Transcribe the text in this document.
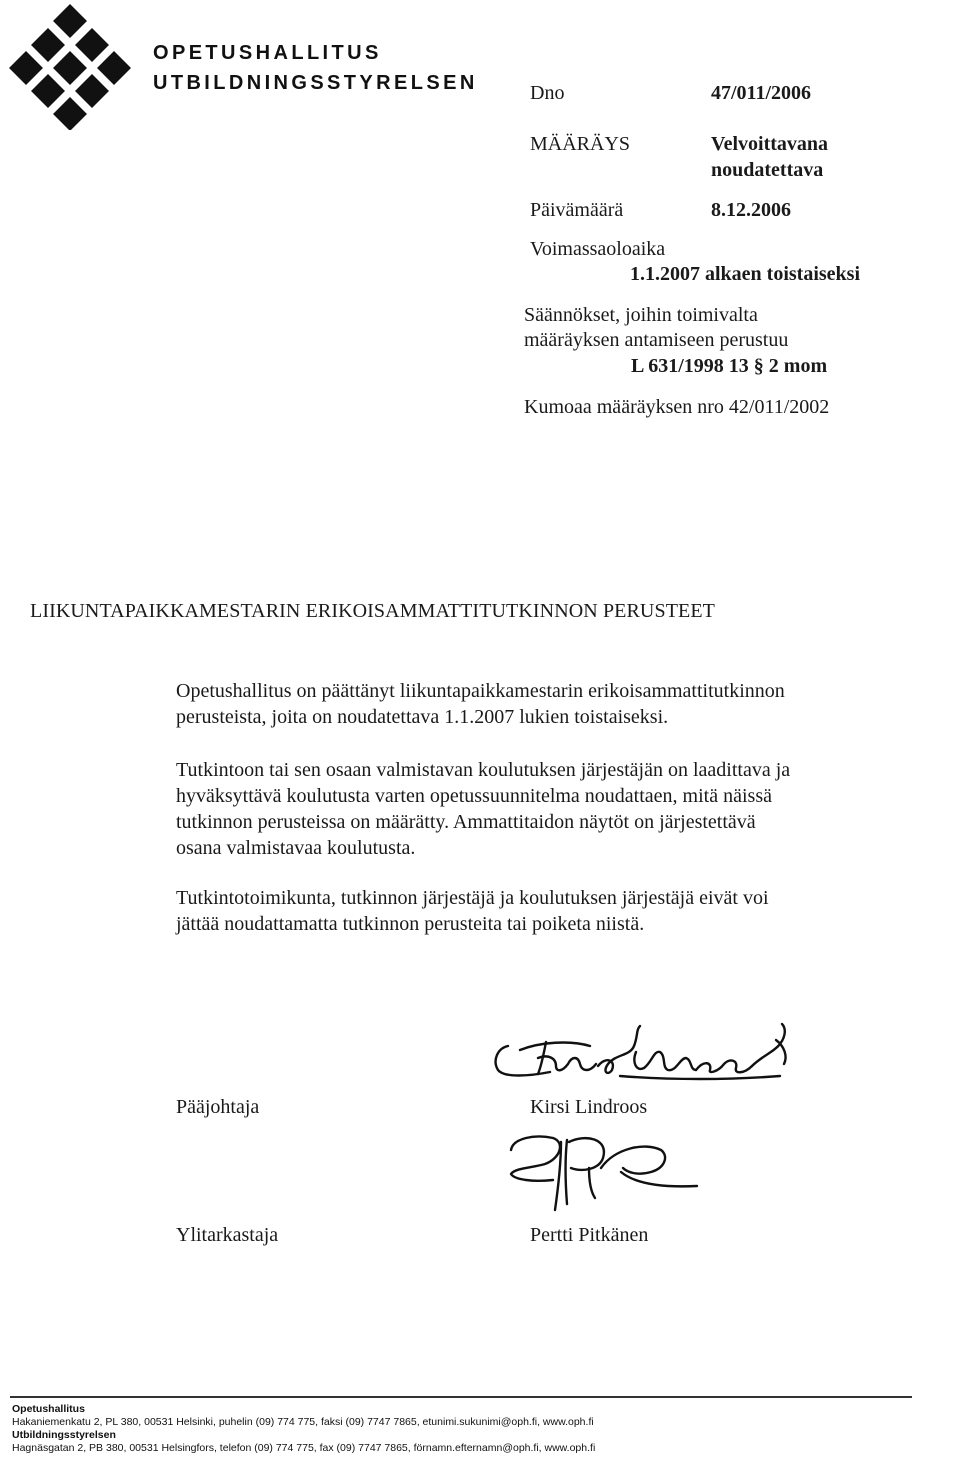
OPETUSHALLITUS
UTBILDNINGSSTYRELSEN	Dno	47/011/2006
MÄÄRÄYS	Velvoittavana
noudatettava
Päivämäärä	8.12.2006
Voimassaoloaika
1.1.2007 alkaen toistaiseksi
Säännökset, joihin toimivalta
määräyksen antamiseen perustuu
L 631/1998 13 § 2 mom
Kumoaa määräyksen nro 42/011/2002
LIIKUNTAPAIKKAMESTARIN ERIKOISAMMATTITUTKINNON PERUSTEET
Opetushallitus on päättänyt liikuntapaikkamestarin erikoisammattitutkinnon
perusteista, joita on noudatettava 1.1.2007 lukien toistaiseksi.
Tutkintoon tai sen osaan valmistavan koulutuksen järjestäjän on laadittava ja
hyväksyttävä koulutusta varten opetussuunnitelma noudattaen, mitä näissä
tutkinnon perusteissa on määrätty. Ammattitaidon näytöt on järjestettävä
osana valmistavaa koulutusta.
Tutkintotoimikunta, tutkinnon järjestäjä ja koulutuksen järjestäjä eivät voi
jättää noudattamatta tutkinnon perusteita tai poiketa niistä.
Pääjohtaja	Kirsi Lindroos
Ylitarkastaja	Pertti Pitkänen
Opetushallitus
Hakaniemenkatu 2, PL 380, 00531 Helsinki, puhelin (09) 774 775, faksi (09) 7747 7865, etunimi.sukunimi@oph.fi, www.oph.fi
Utbildningsstyrelsen
Hagnäsgatan 2, PB 380, 00531 Helsingfors, telefon (09) 774 775, fax (09) 7747 7865, förnamn.efternamn@oph.fi, www.oph.fi
